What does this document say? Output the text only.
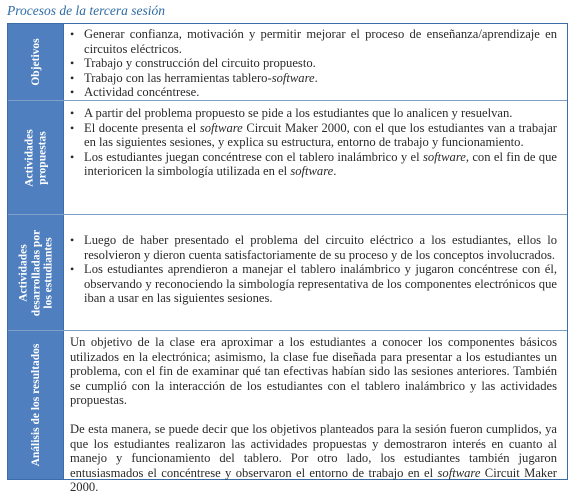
Procesos de la tercera sesión
Objetivos
• Generar confianza, motivación y permitir mejorar el proceso de enseñanza/aprendizaje en circuitos eléctricos.
• Trabajo y construcción del circuito propuesto.
• Trabajo con las herramientas tablero-software.
• Actividad concéntrese.
Actividades propuestas
• A partir del problema propuesto se pide a los estudiantes que lo analicen y resuelvan.
• El docente presenta el software Circuit Maker 2000, con el que los estudiantes van a trabajar en las siguientes sesiones, y explica su estructura, entorno de trabajo y funcionamiento.
• Los estudiantes juegan concéntrese con el tablero inalámbrico y el software, con el fin de que interioricen la simbología utilizada en el software.
Actividades desarrolladas por los estudiantes • Luego de haber presentado el problema del circuito eléctrico a los estudiantes, ellos lo resolvieron y dieron cuenta satisfactoriamente de su proceso y de los conceptos involucrados.
• Los estudiantes aprendieron a manejar el tablero inalámbrico y jugaron concéntrese con él, observando y reconociendo la simbología representativa de los componentes electrónicos que iban a usar en las siguientes sesiones.
Análisis de los resultados

Un objetivo de la clase era aproximar a los estudiantes a conocer los componentes básicos utilizados en la electrónica; asimismo, la clase fue diseñada para presentar a los estudiantes un problema, con el fin de examinar qué tan efectivas habían sido las sesiones anteriores. También se cumplió con la interacción de los estudiantes con el tablero inalámbrico y las actividades propuestas.

De esta manera, se puede decir que los objetivos planteados para la sesión fueron cumplidos, ya que los estudiantes realizaron las actividades propuestas y demostraron interés en cuanto al manejo y funcionamiento del tablero. Por otro lado, los estudiantes también jugaron entusiasmados el concéntrese y observaron el entorno de trabajo en el software Circuit Maker 2000.
